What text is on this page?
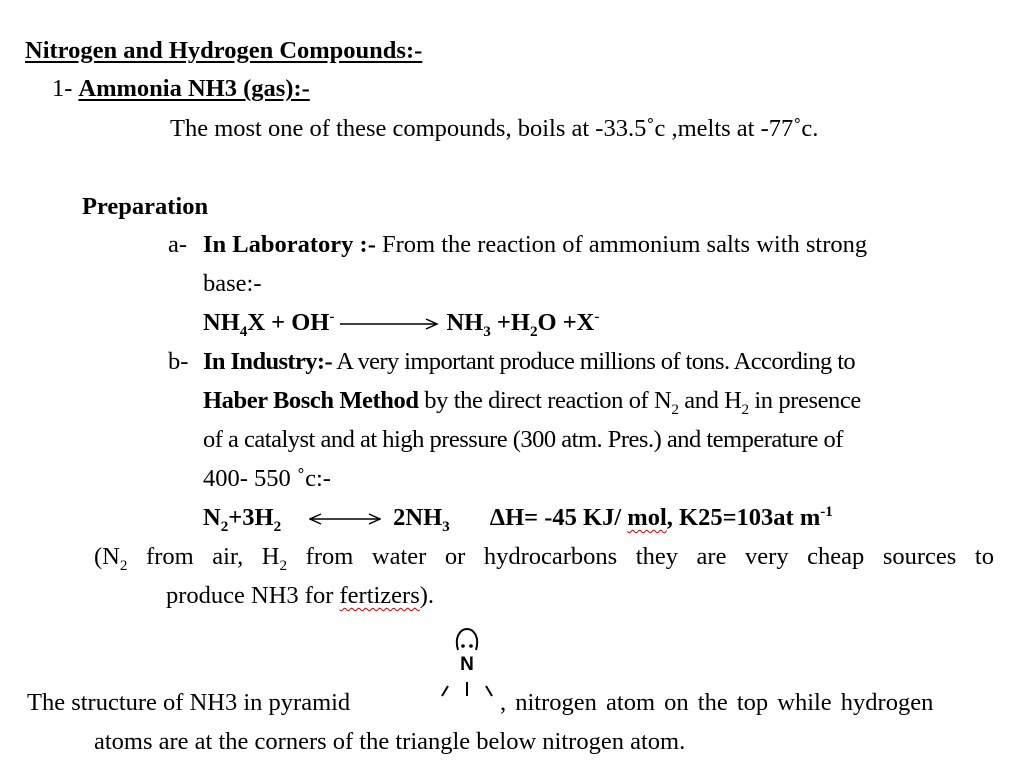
Nitrogen and Hydrogen Compounds:-
1- Ammonia NH3 (gas):-
The most one of these compounds, boils at -33.5˚c ,melts at -77˚c.
Preparation
a- In Laboratory :- From the reaction of ammonium salts with strong
base:-
$NH_4X + OH^-$	$NH_3 +H_2O +X^-$
b- In Industry:- A very important produce millions of tons. According to
Haber Bosch Method by the direct reaction of $N_2$ and $H_2$ in presence
of a catalyst and at high pressure (300 atm. Pres.) and temperature of
400- 550 ˚c:-
$N_2+3H_2$	$2NH_3$ ΔH= -45 KJ/ mol, K25=103at $m^{-1}$
($N_2$ from air, $H_2$ from water or hydrocarbons they are very cheap sources to
produce NH3 for fertizers).
N
The structure of NH3 in pyramid	, nitrogen atom on the top while hydrogen
atoms are at the corners of the triangle below nitrogen atom.
